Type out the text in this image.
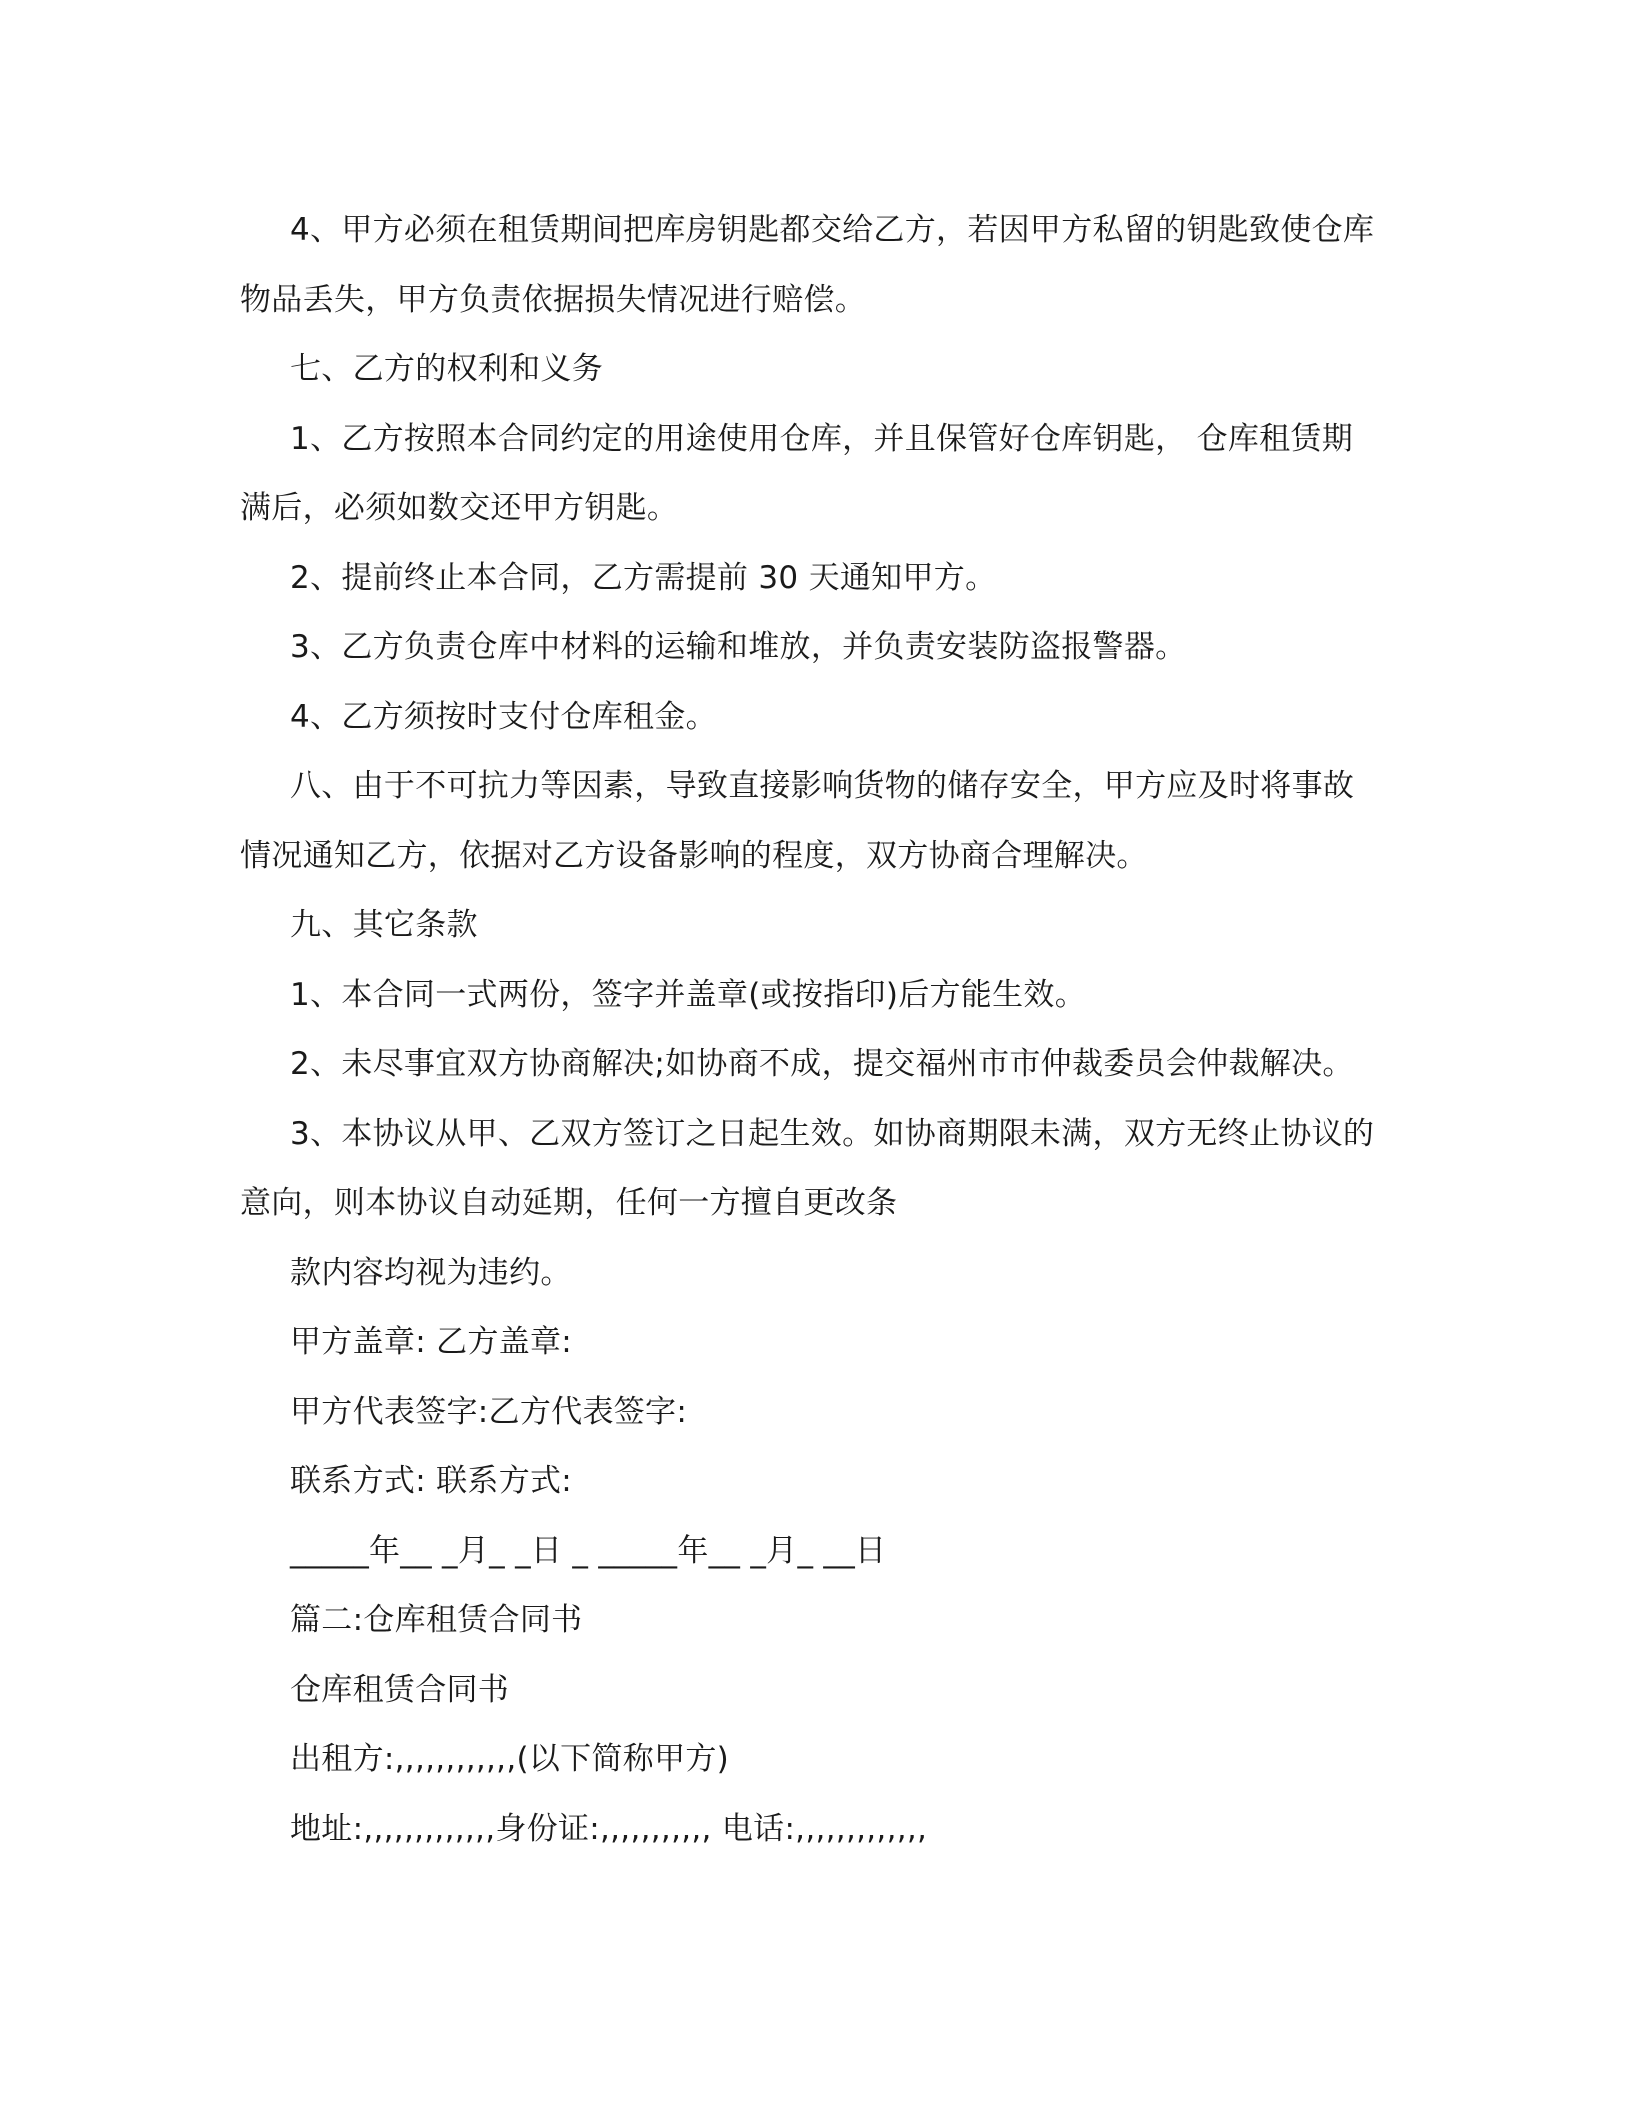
4、甲方必须在租赁期间把库房钥匙都交给乙方，若因甲方私留的钥匙致使仓库物品丢失，甲方负责依据损失情况进行赔偿。

七、乙方的权利和义务

1、乙方按照本合同约定的用途使用仓库，并且保管好仓库钥匙， 仓库租赁期满后，必须如数交还甲方钥匙。

2、提前终止本合同，乙方需提前 30 天通知甲方。

3、乙方负责仓库中材料的运输和堆放，并负责安装防盗报警器。

4、乙方须按时支付仓库租金。

八、由于不可抗力等因素，导致直接影响货物的储存安全，甲方应及时将事故情况通知乙方，依据对乙方设备影响的程度，双方协商合理解决。

九、其它条款

1、本合同一式两份，签字并盖章(或按指印)后方能生效。

2、未尽事宜双方协商解决;如协商不成，提交福州市市仲裁委员会仲裁解决。

3、本协议从甲、乙双方签订之日起生效。如协商期限未满，双方无终止协议的意向，则本协议自动延期，任何一方擅自更改条

款内容均视为违约。

甲方盖章: 乙方盖章:

甲方代表签字:乙方代表签字:

联系方式: 联系方式:

_____年__ _月_ _日 _ _____年__ _月_ __日

篇二:仓库租赁合同书

仓库租赁合同书

出租方:,,,,,,,,,,,,(以下简称甲方)

地址:,,,,,,,,,,,,,身份证:,,,,,,,,,,, 电话:,,,,,,,,,,,,,
